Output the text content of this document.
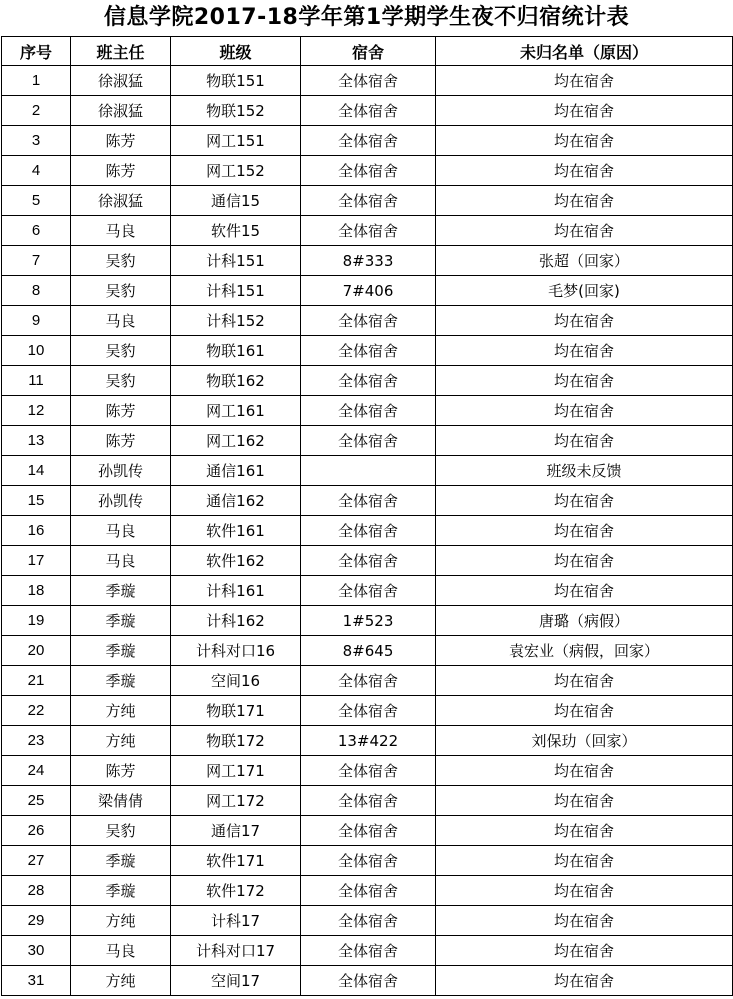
信息学院2017-18学年第1学期学生夜不归宿统计表
序号	班主任	班级	宿舍	未归名单（原因）
1	徐淑猛	物联151	全体宿舍	均在宿舍
2	徐淑猛	物联152	全体宿舍	均在宿舍
3	陈芳	网工151	全体宿舍	均在宿舍
4	陈芳	网工152	全体宿舍	均在宿舍
5	徐淑猛	通信15	全体宿舍	均在宿舍
6	马良	软件15	全体宿舍	均在宿舍
7	吴豹	计科151	8#333	张超（回家）
8	吴豹	计科151	7#406	毛梦(回家)
9	马良	计科152	全体宿舍	均在宿舍
10	吴豹	物联161	全体宿舍	均在宿舍
11	吴豹	物联162	全体宿舍	均在宿舍
12	陈芳	网工161	全体宿舍	均在宿舍
13	陈芳	网工162	全体宿舍	均在宿舍
14	孙凯传	通信161		班级未反馈
15	孙凯传	通信162	全体宿舍	均在宿舍
16	马良	软件161	全体宿舍	均在宿舍
17	马良	软件162	全体宿舍	均在宿舍
18	季璇	计科161	全体宿舍	均在宿舍
19	季璇	计科162	1#523	唐璐（病假）
20	季璇	计科对口16	8#645	袁宏业（病假，回家）
21	季璇	空间16	全体宿舍	均在宿舍
22	方纯	物联171	全体宿舍	均在宿舍
23	方纯	物联172	13#422	刘保玏（回家）
24	陈芳	网工171	全体宿舍	均在宿舍
25	梁倩倩	网工172	全体宿舍	均在宿舍
26	吴豹	通信17	全体宿舍	均在宿舍
27	季璇	软件171	全体宿舍	均在宿舍
28	季璇	软件172	全体宿舍	均在宿舍
29	方纯	计科17	全体宿舍	均在宿舍
30	马良	计科对口17	全体宿舍	均在宿舍
31	方纯	空间17	全体宿舍	均在宿舍
